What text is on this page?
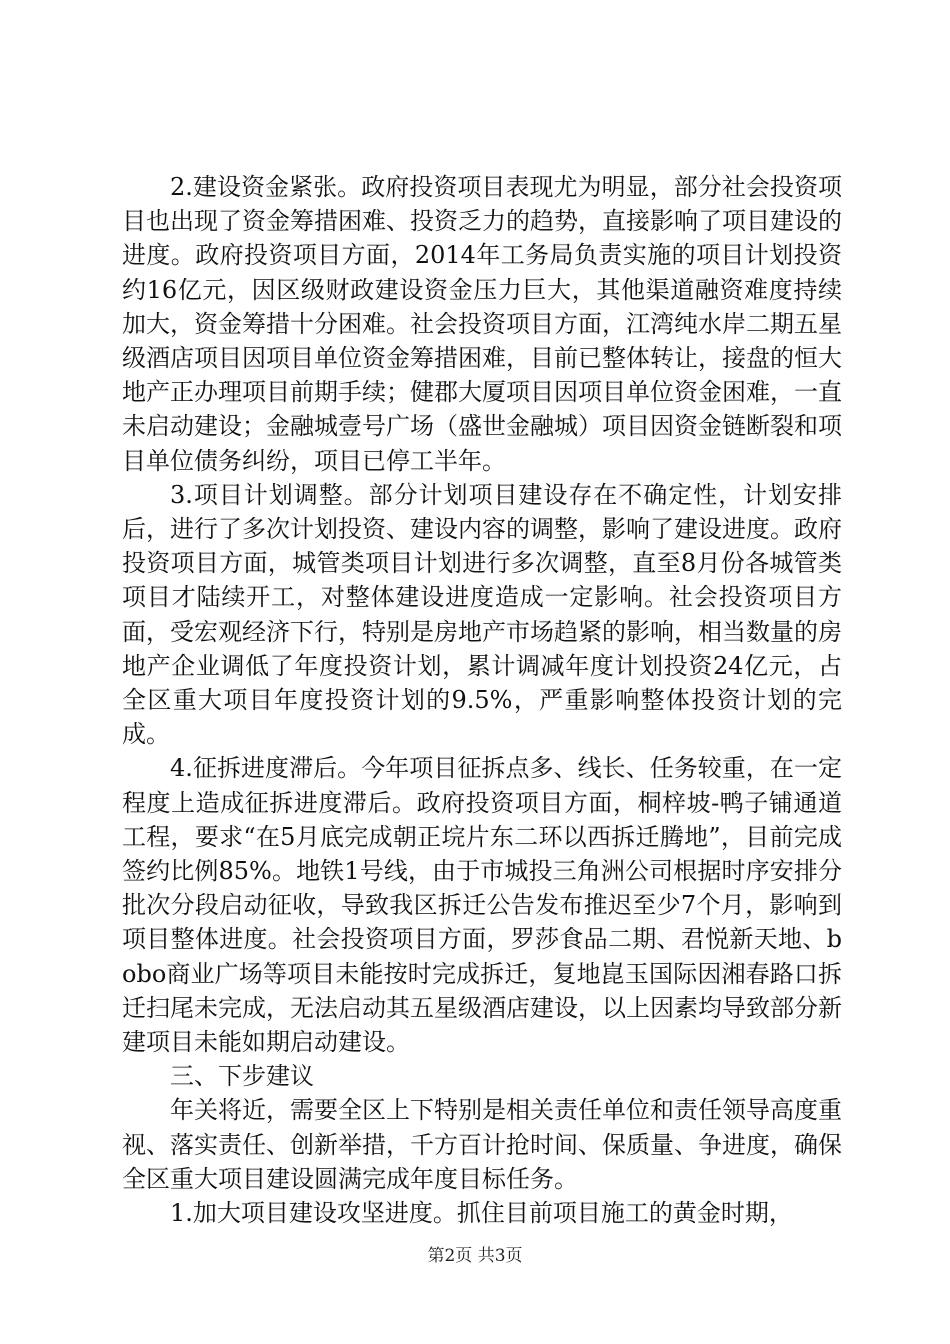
2.建设资金紧张。政府投资项目表现尤为明显，部分社会投资项目也出现了资金筹措困难、投资乏力的趋势，直接影响了项目建设的进度。政府投资项目方面，2014年工务局负责实施的项目计划投资约16亿元，因区级财政建设资金压力巨大，其他渠道融资难度持续加大，资金筹措十分困难。社会投资项目方面，江湾纯水岸二期五星级酒店项目因项目单位资金筹措困难，目前已整体转让，接盘的恒大地产正办理项目前期手续；健郡大厦项目因项目单位资金困难，一直未启动建设；金融城壹号广场（盛世金融城）项目因资金链断裂和项目单位债务纠纷，项目已停工半年。

3.项目计划调整。部分计划项目建设存在不确定性，计划安排后，进行了多次计划投资、建设内容的调整，影响了建设进度。政府投资项目方面，城管类项目计划进行多次调整，直至8月份各城管类项目才陆续开工，对整体建设进度造成一定影响。社会投资项目方面，受宏观经济下行，特别是房地产市场趋紧的影响，相当数量的房地产企业调低了年度投资计划，累计调减年度计划投资24亿元，占全区重大项目年度投资计划的9.5%，严重影响整体投资计划的完成。

4.征拆进度滞后。今年项目征拆点多、线长、任务较重，在一定程度上造成征拆进度滞后。政府投资项目方面，桐梓坡-鸭子铺通道工程，要求“在5月底完成朝正垸片东二环以西拆迁腾地”，目前完成签约比例85%。地铁1号线，由于市城投三角洲公司根据时序安排分批次分段启动征收，导致我区拆迁公告发布推迟至少7个月，影响到项目整体进度。社会投资项目方面，罗莎食品二期、君悦新天地、bobo商业广场等项目未能按时完成拆迁，复地崑玉国际因湘春路口拆迁扫尾未完成，无法启动其五星级酒店建设，以上因素均导致部分新建项目未能如期启动建设。

三、下步建议

年关将近，需要全区上下特别是相关责任单位和责任领导高度重视、落实责任、创新举措，千方百计抢时间、保质量、争进度，确保全区重大项目建设圆满完成年度目标任务。

1.加大项目建设攻坚进度。抓住目前项目施工的黄金时期，

第2页 共3页
